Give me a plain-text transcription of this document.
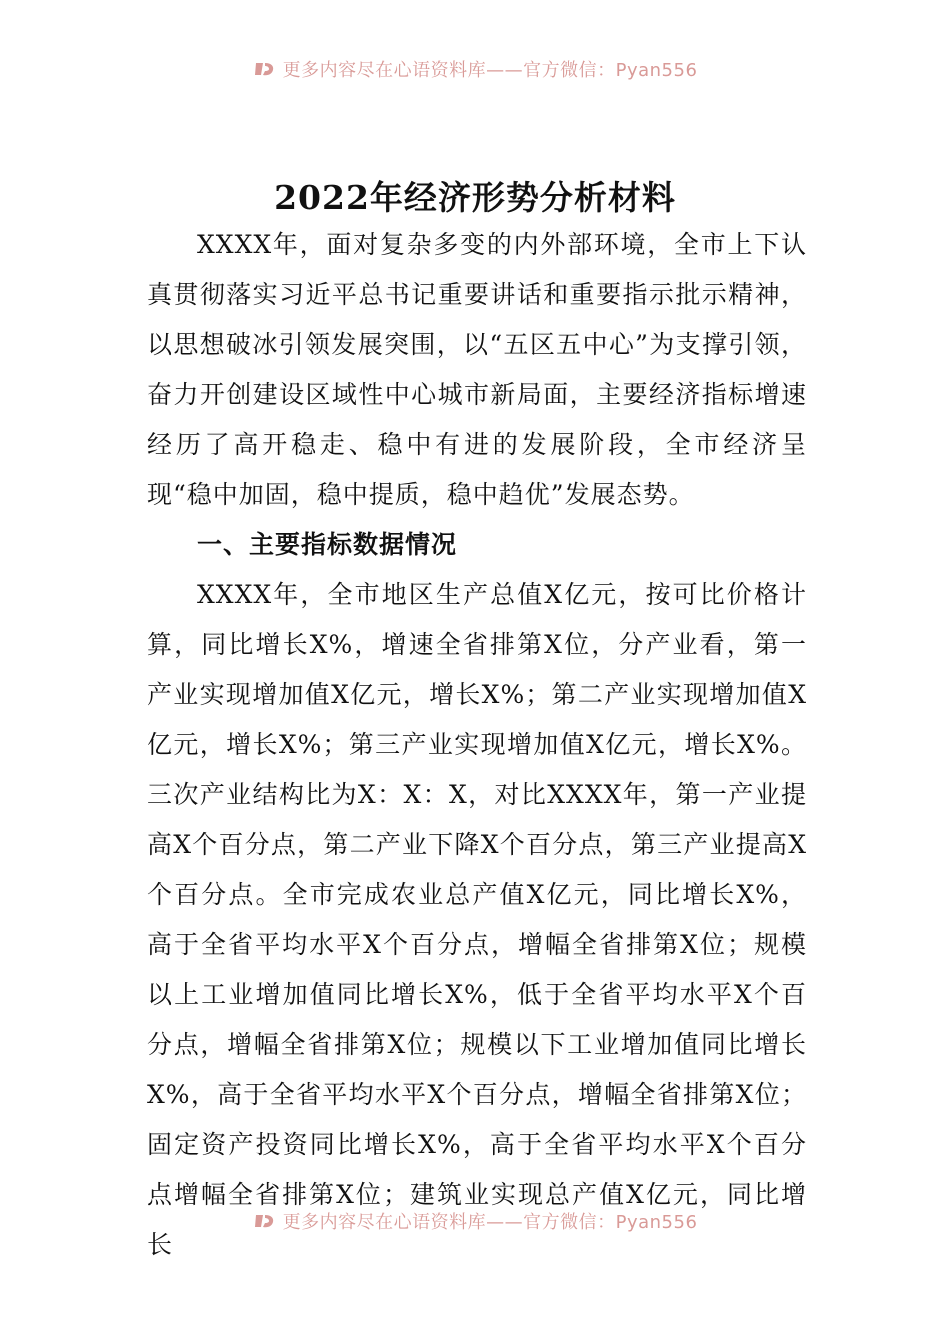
更多内容尽在心语资料库——官方微信：Pyan556
2022年经济形势分析材料

XXXX年，面对复杂多变的内外部环境，全市上下认真贯彻落实习近平总书记重要讲话和重要指示批示精神，以思想破冰引领发展突围，以“五区五中心”为支撑引领，奋力开创建设区域性中心城市新局面，主要经济指标增速经历了高开稳走、稳中有进的发展阶段，全市经济呈现“稳中加固，稳中提质，稳中趋优”发展态势。

一、主要指标数据情况

XXXX年，全市地区生产总值X亿元，按可比价格计算，同比增长X%，增速全省排第X位，分产业看，第一产业实现增加值X亿元，增长X%；第二产业实现增加值X亿元，增长X%；第三产业实现增加值X亿元，增长X%。三次产业结构比为X：X：X，对比XXXX年，第一产业提高X个百分点，第二产业下降X个百分点，第三产业提高X个百分点。全市完成农业总产值X亿元，同比增长X%，高于全省平均水平X个百分点，增幅全省排第X位；规模以上工业增加值同比增长X%，低于全省平均水平X个百分点，增幅全省排第X位；规模以下工业增加值同比增长X%，高于全省平均水平X个百分点，增幅全省排第X位；固定资产投资同比增长X%，高于全省平均水平X个百分点增幅全省排第X位；建筑业实现总产值X亿元，同比增长

更多内容尽在心语资料库——官方微信：Pyan556
